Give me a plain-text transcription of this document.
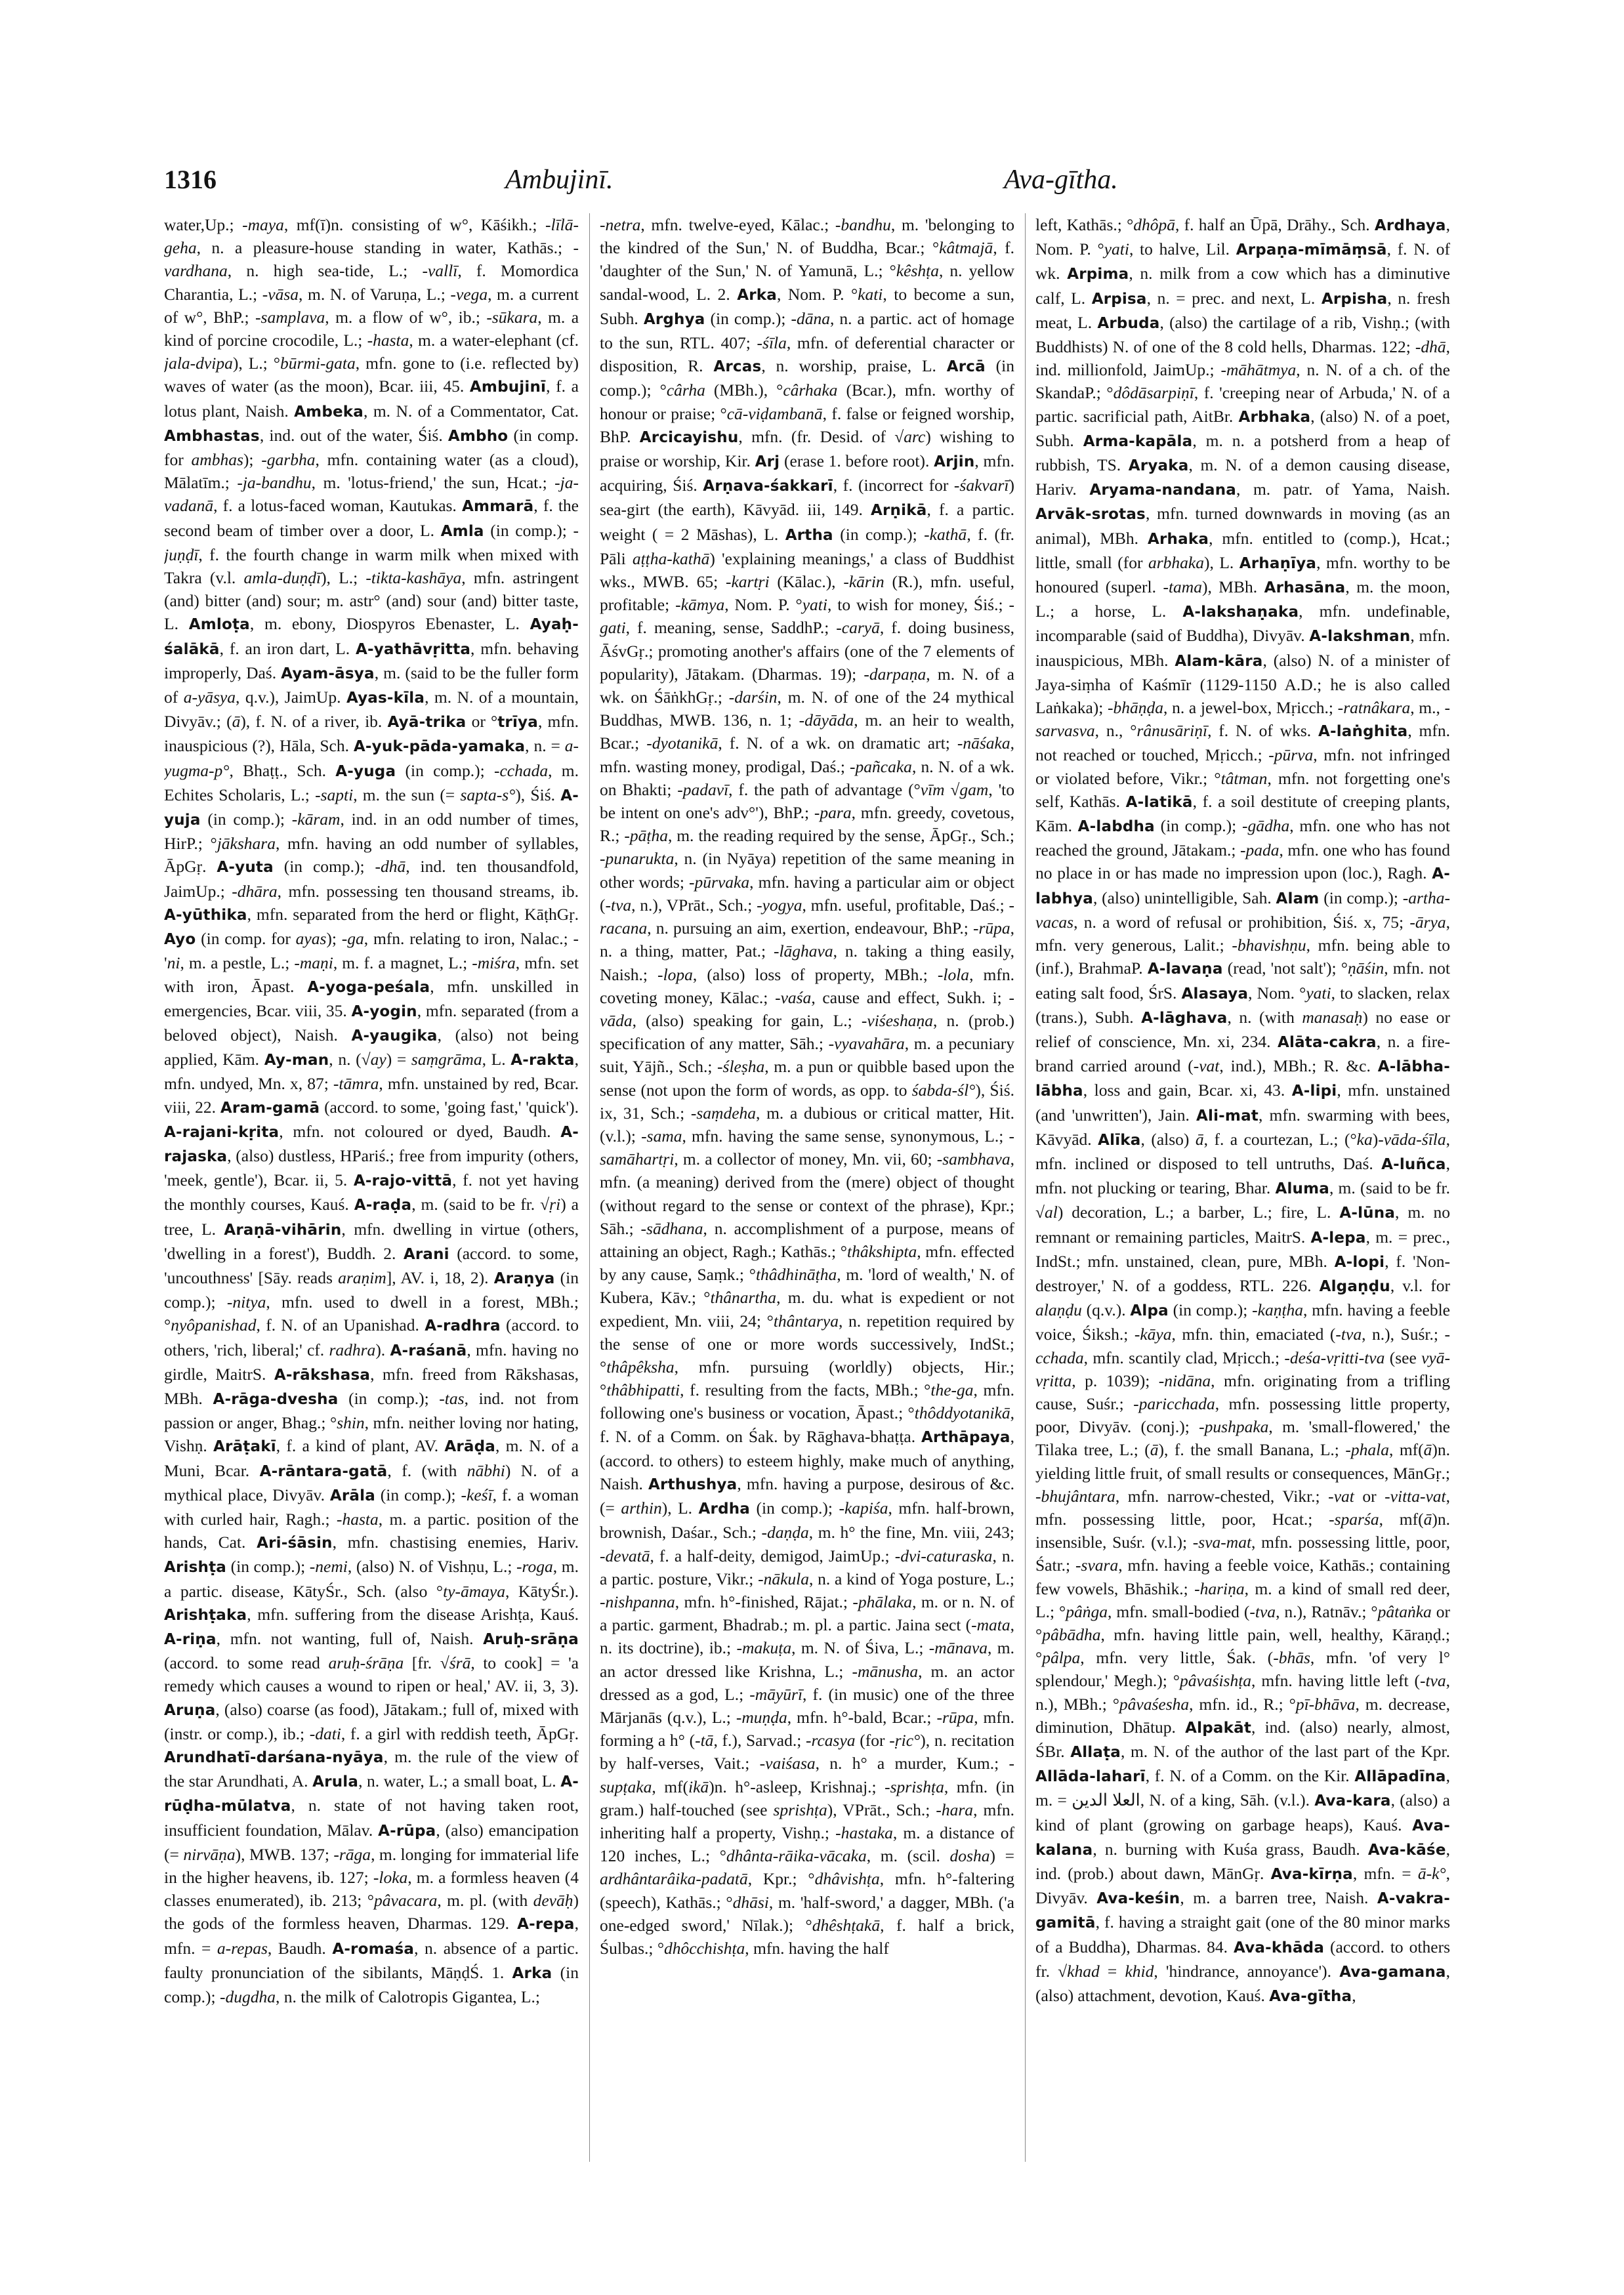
1316	Ambujinī.	Ava-gītha.
water,Up.; -maya, mf(ī)n. consisting of w°, Kāśikh.; -līlā-geha, n. a pleasure-house standing in water, Kathās.; -vardhana, n. high sea-tide, L.; -vallī, f. Momordica Charantia, L.; -vāsa, m. N. of Varuṇa, L.; -vega, m. a current of w°, BhP.; -samplava, m. a flow of w°, ib.; -sūkara, m. a kind of porcine crocodile, L.; -hasta, m. a water-elephant (cf. jala-dvipa), L.; °būrmi-gata, mfn. gone to (i.e. reflected by) waves of water (as the moon), Bcar. iii, 45. Ambujinī, f. a lotus plant, Naish. Ambeka, m. N. of a Commentator, Cat. Ambhastas, ind. out of the water, Śiś. Ambho (in comp. for ambhas); -garbha, mfn. containing water (as a cloud), Mālatīm.; -ja-bandhu, m. 'lotus-friend,' the sun, Hcat.; -ja-vadanā, f. a lotus-faced woman, Kautukas. Ammarā, f. the second beam of timber over a door, L. Amla (in comp.); -juṇḍī, f. the fourth change in warm milk when mixed with Takra (v.l. amla-duṇḍī), L.; -tikta-kashāya, mfn. astringent (and) bitter (and) sour; m. astr° (and) sour (and) bitter taste, L. Amloṭa, m. ebony, Diospyros Ebenaster, L. Ayaḥ-śalākā, f. an iron dart, L. A-yathāvṛitta, mfn. behaving improperly, Daś. Ayam-āsya, m. (said to be the fuller form of a-yāsya, q.v.), JaimUp. Ayas-kīla, m. N. of a mountain, Divyāv.; (ā), f. N. of a river, ib. Ayā-trika or °trīya, mfn. inauspicious (?), Hāla, Sch. A-yuk-pāda-yamaka, n. = a-yugma-p°, Bhaṭṭ., Sch. A-yuga (in comp.); -cchada, m. Echites Scholaris, L.; -sapti, m. the sun (= sapta-s°), Śiś. A-yuja (in comp.); -kāram, ind. in an odd number of times, HirP.; °jākshara, mfn. having an odd number of syllables, ĀpGṛ. A-yuta (in comp.); -dhā, ind. ten thousandfold, JaimUp.; -dhāra, mfn. possessing ten thousand streams, ib. A-yūthika, mfn. separated from the herd or flight, KāṭhGṛ. Ayo (in comp. for ayas); -ga, mfn. relating to iron, Nalac.; -'ni, m. a pestle, L.; -maṇi, m. f. a magnet, L.; -miśra, mfn. set with iron, Āpast. A-yoga-peśala, mfn. unskilled in emergencies, Bcar. viii, 35. A-yogin, mfn. separated (from a beloved object), Naish. A-yaugika, (also) not being applied, Kām. Ay-man, n. (√ay) = saṃgrāma, L. A-rakta, mfn. undyed, Mn. x, 87; -tāmra, mfn. unstained by red, Bcar. viii, 22. Aram-gamā (accord. to some, 'going fast,' 'quick'). A-rajani-kṛita, mfn. not coloured or dyed, Baudh. A-rajaska, (also) dustless, HPariś.; free from impurity (others, 'meek, gentle'), Bcar. ii, 5. A-rajo-vittā, f. not yet having the monthly courses, Kauś. A-raḍa, m. (said to be fr. √ṛi) a tree, L. Araṇā-vihārin, mfn. dwelling in virtue (others, 'dwelling in a forest'), Buddh. 2. Arani (accord. to some, 'uncouthness' [Sāy. reads araṇim], AV. i, 18, 2). Araṇya (in comp.); -nitya, mfn. used to dwell in a forest, MBh.; °nyôpanishad, f. N. of an Upanishad. A-radhra (accord. to others, 'rich, liberal;' cf. radhra). A-raśanā, mfn. having no girdle, MaitrS. A-rākshasa, mfn. freed from Rākshasas, MBh. A-rāga-dvesha (in comp.); -tas, ind. not from passion or anger, Bhag.; °shin, mfn. neither loving nor hating, Vishṇ. Arāṭakī, f. a kind of plant, AV. Arāḍa, m. N. of a Muni, Bcar. A-rāntara-gatā, f. (with nābhi) N. of a mythical place, Divyāv. Arāla (in comp.); -keśī, f. a woman with curled hair, Ragh.; -hasta, m. a partic. position of the hands, Cat. Ari-śāsin, mfn. chastising enemies, Hariv. Arishṭa (in comp.); -nemi, (also) N. of Vishṇu, L.; -roga, m. a partic. disease, KātyŚr., Sch. (also °ty-āmaya, KātyŚr.). Arishṭaka, mfn. suffering from the disease Arishṭa, Kauś. A-riṇa, mfn. not wanting, full of, Naish. Aruḥ-srāṇa (accord. to some read aruḥ-śrāṇa [fr. √śrā, to cook] = 'a remedy which causes a wound to ripen or heal,' AV. ii, 3, 3). Aruṇa, (also) coarse (as food), Jātakam.; full of, mixed with (instr. or comp.), ib.; -dati, f. a girl with reddish teeth, ĀpGṛ. Arundhatī-darśana-nyāya, m. the rule of the view of the star Arundhati, A. Arula, n. water, L.; a small boat, L. A-rūḍha-mūlatva, n. state of not having taken root, insufficient foundation, Mālav. A-rūpa, (also) emancipation (= nirvāṇa), MWB. 137; -rāga, m. longing for immaterial life in the higher heavens, ib. 127; -loka, m. a formless heaven (4 classes enumerated), ib. 213; °pâvacara, m. pl. (with devāḥ) the gods of the formless heaven, Dharmas. 129. A-repa, mfn. = a-repas, Baudh. A-romaśa, n. absence of a partic. faulty pronunciation of the sibilants, MāṇḍŚ. 1. Arka (in comp.); -dugdha, n. the milk of Calotropis Gigantea, L.;
-netra, mfn. twelve-eyed, Kālac.; -bandhu, m. 'belonging to the kindred of the Sun,' N. of Buddha, Bcar.; °kâtmajā, f. 'daughter of the Sun,' N. of Yamunā, L.; °kêshṭa, n. yellow sandal-wood, L. 2. Arka, Nom. P. °kati, to become a sun, Subh. Arghya (in comp.); -dāna, n. a partic. act of homage to the sun, RTL. 407; -śīla, mfn. of deferential character or disposition, R. Arcas, n. worship, praise, L. Arcā (in comp.); °cârha (MBh.), °cârhaka (Bcar.), mfn. worthy of honour or praise; °cā-viḍambanā, f. false or feigned worship, BhP. Arcicayishu, mfn. (fr. Desid. of √arc) wishing to praise or worship, Kir. Arj (erase 1. before root). Arjin, mfn. acquiring, Śiś. Arṇava-śakkarī, f. (incorrect for -śakvarī) sea-girt (the earth), Kāvyād. iii, 149. Arṇikā, f. a partic. weight ( = 2 Māshas), L. Artha (in comp.); -kathā, f. (fr. Pāli aṭṭha-kathā) 'explaining meanings,' a class of Buddhist wks., MWB. 65; -kartṛi (Kālac.), -kārin (R.), mfn. useful, profitable; -kāmya, Nom. P. °yati, to wish for money, Śiś.; -gati, f. meaning, sense, SaddhP.; -caryā, f. doing business, ĀśvGṛ.; promoting another's affairs (one of the 7 elements of popularity), Jātakam. (Dharmas. 19); -darpaṇa, m. N. of a wk. on ŚāṅkhGṛ.; -darśin, m. N. of one of the 24 mythical Buddhas, MWB. 136, n. 1; -dāyāda, m. an heir to wealth, Bcar.; -dyotanikā, f. N. of a wk. on dramatic art; -nāśaka, mfn. wasting money, prodigal, Daś.; -pañcaka, n. N. of a wk. on Bhakti; -padavī, f. the path of advantage (°vīm √gam, 'to be intent on one's adv°'), BhP.; -para, mfn. greedy, covetous, R.; -pāṭha, m. the reading required by the sense, ĀpGṛ., Sch.; -punarukta, n. (in Nyāya) repetition of the same meaning in other words; -pūrvaka, mfn. having a particular aim or object (-tva, n.), VPrāt., Sch.; -yogya, mfn. useful, profitable, Daś.; -racana, n. pursuing an aim, exertion, endeavour, BhP.; -rūpa, n. a thing, matter, Pat.; -lāghava, n. taking a thing easily, Naish.; -lopa, (also) loss of property, MBh.; -lola, mfn. coveting money, Kālac.; -vaśa, cause and effect, Sukh. i; -vāda, (also) speaking for gain, L.; -viśeshaṇa, n. (prob.) specification of any matter, Sāh.; -vyavahāra, m. a pecuniary suit, Yājñ., Sch.; -śleṣha, m. a pun or quibble based upon the sense (not upon the form of words, as opp. to śabda-śl°), Śiś. ix, 31, Sch.; -saṃdeha, m. a dubious or critical matter, Hit. (v.l.); -sama, mfn. having the same sense, synonymous, L.; -samāhartṛi, m. a collector of money, Mn. vii, 60; -sambhava, mfn. (a meaning) derived from the (mere) object of thought (without regard to the sense or context of the phrase), Kpr.; Sāh.; -sādhana, n. accomplishment of a purpose, means of attaining an object, Ragh.; Kathās.; °thâkshipta, mfn. effected by any cause, Saṃk.; °thâdhināṭha, m. 'lord of wealth,' N. of Kubera, Kāv.; °thânartha, m. du. what is expedient or not expedient, Mn. viii, 24; °thântarya, n. repetition required by the sense of one or more words successively, IndSt.; °thâpêksha, mfn. pursuing (worldly) objects, Hir.; °thâbhipatti, f. resulting from the facts, MBh.; °the-ga, mfn. following one's business or vocation, Āpast.; °thôddyotanikā, f. N. of a Comm. on Śak. by Rāghava-bhaṭṭa. Arthāpaya, (accord. to others) to esteem highly, make much of anything, Naish. Arthushya, mfn. having a purpose, desirous of &c. (= arthin), L. Ardha (in comp.); -kapiśa, mfn. half-brown, brownish, Daśar., Sch.; -daṇḍa, m. h° the fine, Mn. viii, 243; -devatā, f. a half-deity, demigod, JaimUp.; -dvi-caturaska, n. a partic. posture, Vikr.; -nākula, n. a kind of Yoga posture, L.; -nishpanna, mfn. h°-finished, Rājat.; -phālaka, m. or n. N. of a partic. garment, Bhadrab.; m. pl. a partic. Jaina sect (-mata, n. its doctrine), ib.; -makuṭa, m. N. of Śiva, L.; -mānava, m. an actor dressed like Krishna, L.; -mānusha, m. an actor dressed as a god, L.; -māyūrī, f. (in music) one of the three Mārjanās (q.v.), L.; -muṇḍa, mfn. h°-bald, Bcar.; -rūpa, mfn. forming a h° (-tā, f.), Sarvad.; -rcasya (for -ṛic°), n. recitation by half-verses, Vait.; -vaiśasa, n. h° a murder, Kum.; -supṭaka, mf(ikā)n. h°-asleep, Krishnaj.; -sprishṭa, mfn. (in gram.) half-touched (see sprishṭa), VPrāt., Sch.; -hara, mfn. inheriting half a property, Vishṇ.; -hastaka, m. a distance of 120 inches, L.; °dhânta-rāika-vācaka, m. (scil. dosha) = ardhântarâika-padatā, Kpr.; °dhâvishṭa, mfn. h°-faltering (speech), Kathās.; °dhāsi, m. 'half-sword,' a dagger, MBh. ('a one-edged sword,' Nīlak.); °dhêshṭakā, f. half a brick, Śulbas.; °dhôcchishṭa, mfn. having the half
left, Kathās.; °dhôpā, f. half an Ūpā, Drāhy., Sch. Ardhaya, Nom. P. °yati, to halve, Lil. Arpaṇa-mīmāṃsā, f. N. of wk. Arpima, n. milk from a cow which has a diminutive calf, L. Arpisa, n. = prec. and next, L. Arpisha, n. fresh meat, L. Arbuda, (also) the cartilage of a rib, Vishṇ.; (with Buddhists) N. of one of the 8 cold hells, Dharmas. 122; -dhā, ind. millionfold, JaimUp.; -māhātmya, n. N. of a ch. of the SkandaP.; °dôdāsarpiṇī, f. 'creeping near of Arbuda,' N. of a partic. sacrificial path, AitBr. Arbhaka, (also) N. of a poet, Subh. Arma-kapāla, m. n. a potsherd from a heap of rubbish, TS. Aryaka, m. N. of a demon causing disease, Hariv. Aryama-nandana, m. patr. of Yama, Naish. Arvāk-srotas, mfn. turned downwards in moving (as an animal), MBh. Arhaka, mfn. entitled to (comp.), Hcat.; little, small (for arbhaka), L. Arhaṇīya, mfn. worthy to be honoured (superl. -tama), MBh. Arhasāna, m. the moon, L.; a horse, L. A-lakshaṇaka, mfn. undefinable, incomparable (said of Buddha), Divyāv. A-lakshman, mfn. inauspicious, MBh. Alam-kāra, (also) N. of a minister of Jaya-siṃha of Kaśmīr (1129-1150 A.D.; he is also called Laṅkaka); -bhāṇḍa, n. a jewel-box, Mṛicch.; -ratnâkara, m., -sarvasva, n., °rânusāriṇī, f. N. of wks. A-laṅghita, mfn. not reached or touched, Mṛicch.; -pūrva, mfn. not infringed or violated before, Vikr.; °tâtman, mfn. not forgetting one's self, Kathās. A-latikā, f. a soil destitute of creeping plants, Kām. A-labdha (in comp.); -gādha, mfn. one who has not reached the ground, Jātakam.; -pada, mfn. one who has found no place in or has made no impression upon (loc.), Ragh. A-labhya, (also) unintelligible, Sah. Alam (in comp.); -artha-vacas, n. a word of refusal or prohibition, Śiś. x, 75; -ārya, mfn. very generous, Lalit.; -bhavishṇu, mfn. being able to (inf.), BrahmaP. A-lavaṇa (read, 'not salt'); °ṇāśin, mfn. not eating salt food, ŚrS. Alasaya, Nom. °yati, to slacken, relax (trans.), Subh. A-lāghava, n. (with manasaḥ) no ease or relief of conscience, Mn. xi, 234. Alāta-cakra, n. a fire-brand carried around (-vat, ind.), MBh.; R. &c. A-lābha-lābha, loss and gain, Bcar. xi, 43. A-lipi, mfn. unstained (and 'unwritten'), Jain. Ali-mat, mfn. swarming with bees, Kāvyād. Alīka, (also) ā, f. a courtezan, L.; (°ka)-vāda-śīla, mfn. inclined or disposed to tell untruths, Daś. A-luñca, mfn. not plucking or tearing, Bhar. Aluma, m. (said to be fr. √al) decoration, L.; a barber, L.; fire, L. A-lūna, m. no remnant or remaining particles, MaitrS. A-lepa, m. = prec., IndSt.; mfn. unstained, clean, pure, MBh. A-lopi, f. 'Non-destroyer,' N. of a goddess, RTL. 226. Algaṇḍu, v.l. for alaṇḍu (q.v.). Alpa (in comp.); -kaṇṭha, mfn. having a feeble voice, Śiksh.; -kāya, mfn. thin, emaciated (-tva, n.), Suśr.; -cchada, mfn. scantily clad, Mṛicch.; -deśa-vṛitti-tva (see vyā-vṛitta, p. 1039); -nidāna, mfn. originating from a trifling cause, Suśr.; -paricchada, mfn. possessing little property, poor, Divyāv. (conj.); -pushpaka, m. 'small-flowered,' the Tilaka tree, L.; (ā), f. the small Banana, L.; -phala, mf(ā)n. yielding little fruit, of small results or consequences, MānGṛ.; -bhujântara, mfn. narrow-chested, Vikr.; -vat or -vitta-vat, mfn. possessing little, poor, Hcat.; -sparśa, mf(ā)n. insensible, Suśr. (v.l.); -sva-mat, mfn. possessing little, poor, Śatr.; -svara, mfn. having a feeble voice, Kathās.; containing few vowels, Bhāshik.; -hariṇa, m. a kind of small red deer, L.; °pâṅga, mfn. small-bodied (-tva, n.), Ratnāv.; °pâtaṅka or °pâbādha, mfn. having little pain, well, healthy, Kāraṇḍ.; °pâlpa, mfn. very little, Śak. (-bhās, mfn. 'of very l° splendour,' Megh.); °pâvaśishṭa, mfn. having little left (-tva, n.), MBh.; °pâvaśesha, mfn. id., R.; °pī-bhāva, m. decrease, diminution, Dhātup. Alpakāt, ind. (also) nearly, almost, ŚBr. Allaṭa, m. N. of the author of the last part of the Kpr. Allāda-laharī, f. N. of a Comm. on the Kir. Allāpadīna, m. = العلا الدين, N. of a king, Sāh. (v.l.). Ava-kara, (also) a kind of plant (growing on garbage heaps), Kauś. Ava-kalana, n. burning with Kuśa grass, Baudh. Ava-kāśe, ind. (prob.) about dawn, MānGṛ. Ava-kīrṇa, mfn. = ā-k°, Divyāv. Ava-keśin, m. a barren tree, Naish. A-vakra-gamitā, f. having a straight gait (one of the 80 minor marks of a Buddha), Dharmas. 84. Ava-khāda (accord. to others fr. √khad = khid, 'hindrance, annoyance'). Ava-gamana, (also) attachment, devotion, Kauś. Ava-gītha,
